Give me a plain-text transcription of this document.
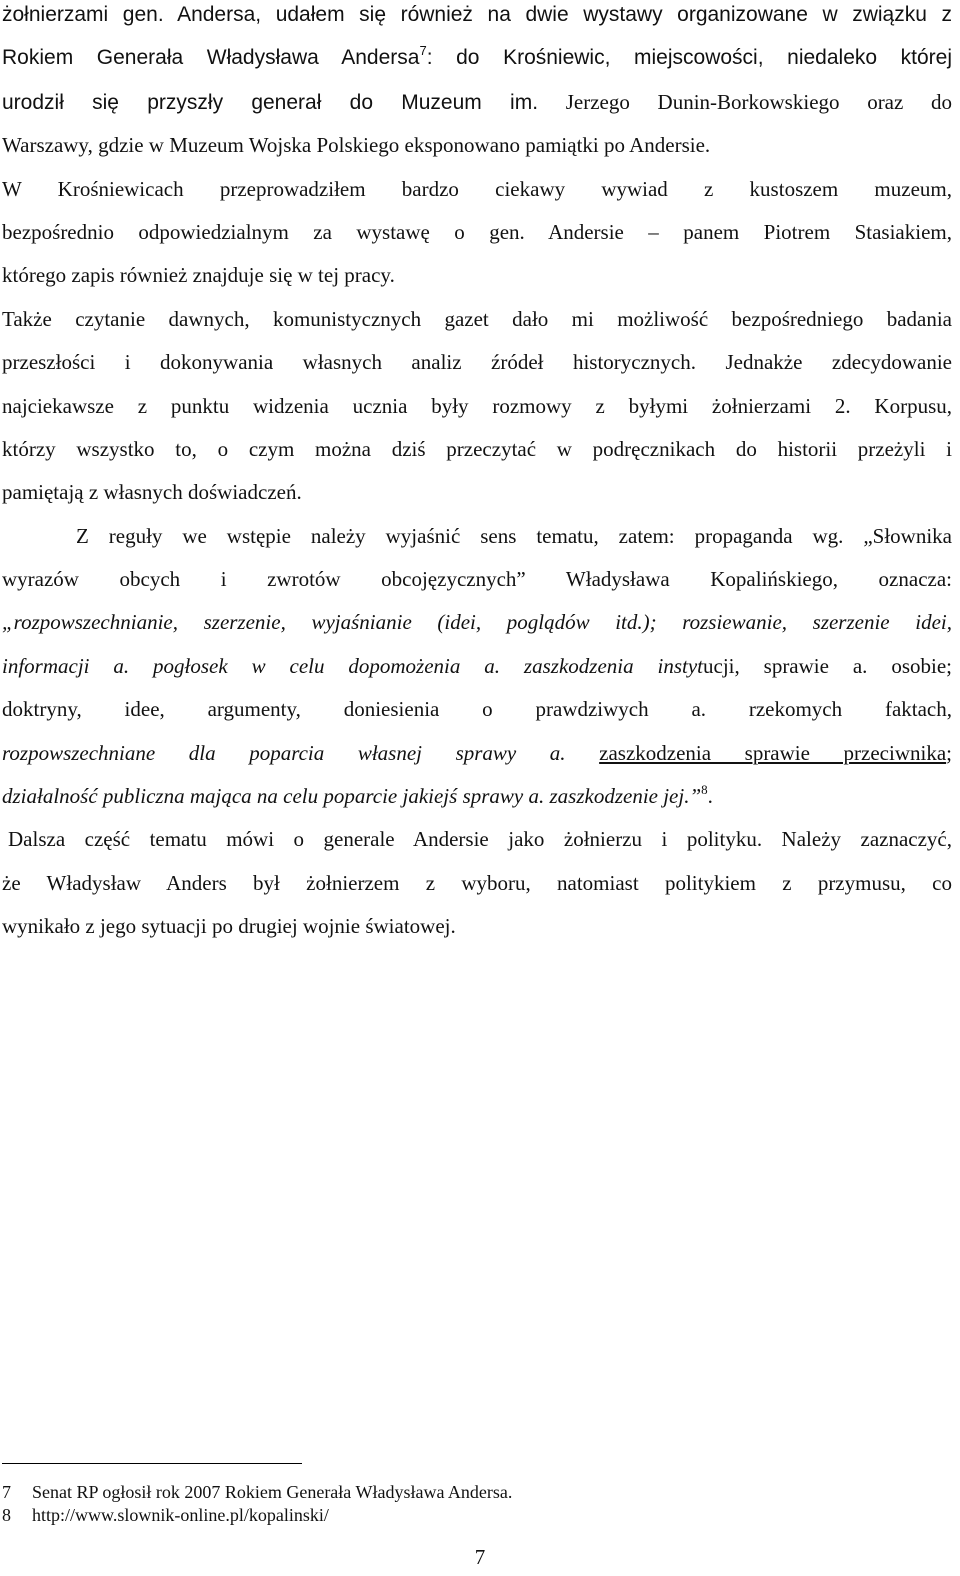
żołnierzami gen. Andersa, udałem się również na dwie wystawy organizowane w związku z
Rokiem Generała Władysława Andersa$^7$: do Krośniewic, miejscowości, niedaleko której
urodził się przyszły generał do Muzeum im. Jerzego Dunin-Borkowskiego oraz do
Warszawy, gdzie w Muzeum Wojska Polskiego eksponowano pamiątki po Andersie.
W Krośniewicach przeprowadziłem bardzo ciekawy wywiad z kustoszem muzeum,
bezpośrednio odpowiedzialnym za wystawę o gen. Andersie – panem Piotrem Stasiakiem,
którego zapis również znajduje się w tej pracy.
Także czytanie dawnych, komunistycznych gazet dało mi możliwość bezpośredniego badania
przeszłości i dokonywania własnych analiz źródeł historycznych. Jednakże zdecydowanie
najciekawsze z punktu widzenia ucznia były rozmowy z byłymi żołnierzami 2. Korpusu,
którzy wszystko to, o czym można dziś przeczytać w podręcznikach do historii przeżyli i
pamiętają z własnych doświadczeń.
Z reguły we wstępie należy wyjaśnić sens tematu, zatem: propaganda wg. „Słownika
wyrazów obcych i zwrotów obcojęzycznych” Władysława Kopalińskiego, oznacza:
„rozpowszechnianie, szerzenie, wyjaśnianie (idei, poglądów itd.); rozsiewanie, szerzenie idei,
informacji a. pogłosek w celu dopomożenia a. zaszkodzenia instytucji, sprawie a. osobie;
doktryny, idee, argumenty, doniesienia o prawdziwych a. rzekomych faktach,
rozpowszechniane dla poparcia własnej sprawy a. zaszkodzenia sprawie przeciwnika;
działalność publiczna mająca na celu poparcie jakiejś sprawy a. zaszkodzenie jej.”$^8$.
Dalsza część tematu mówi o generale Andersie jako żołnierzu i polityku. Należy zaznaczyć,
że Władysław Anders był żołnierzem z wyboru, natomiast politykiem z przymusu, co
wynikało z jego sytuacji po drugiej wojnie światowej.
7 Senat RP ogłosił rok 2007 Rokiem Generała Władysława Andersa.
8 http://www.slownik-online.pl/kopalinski/
7
